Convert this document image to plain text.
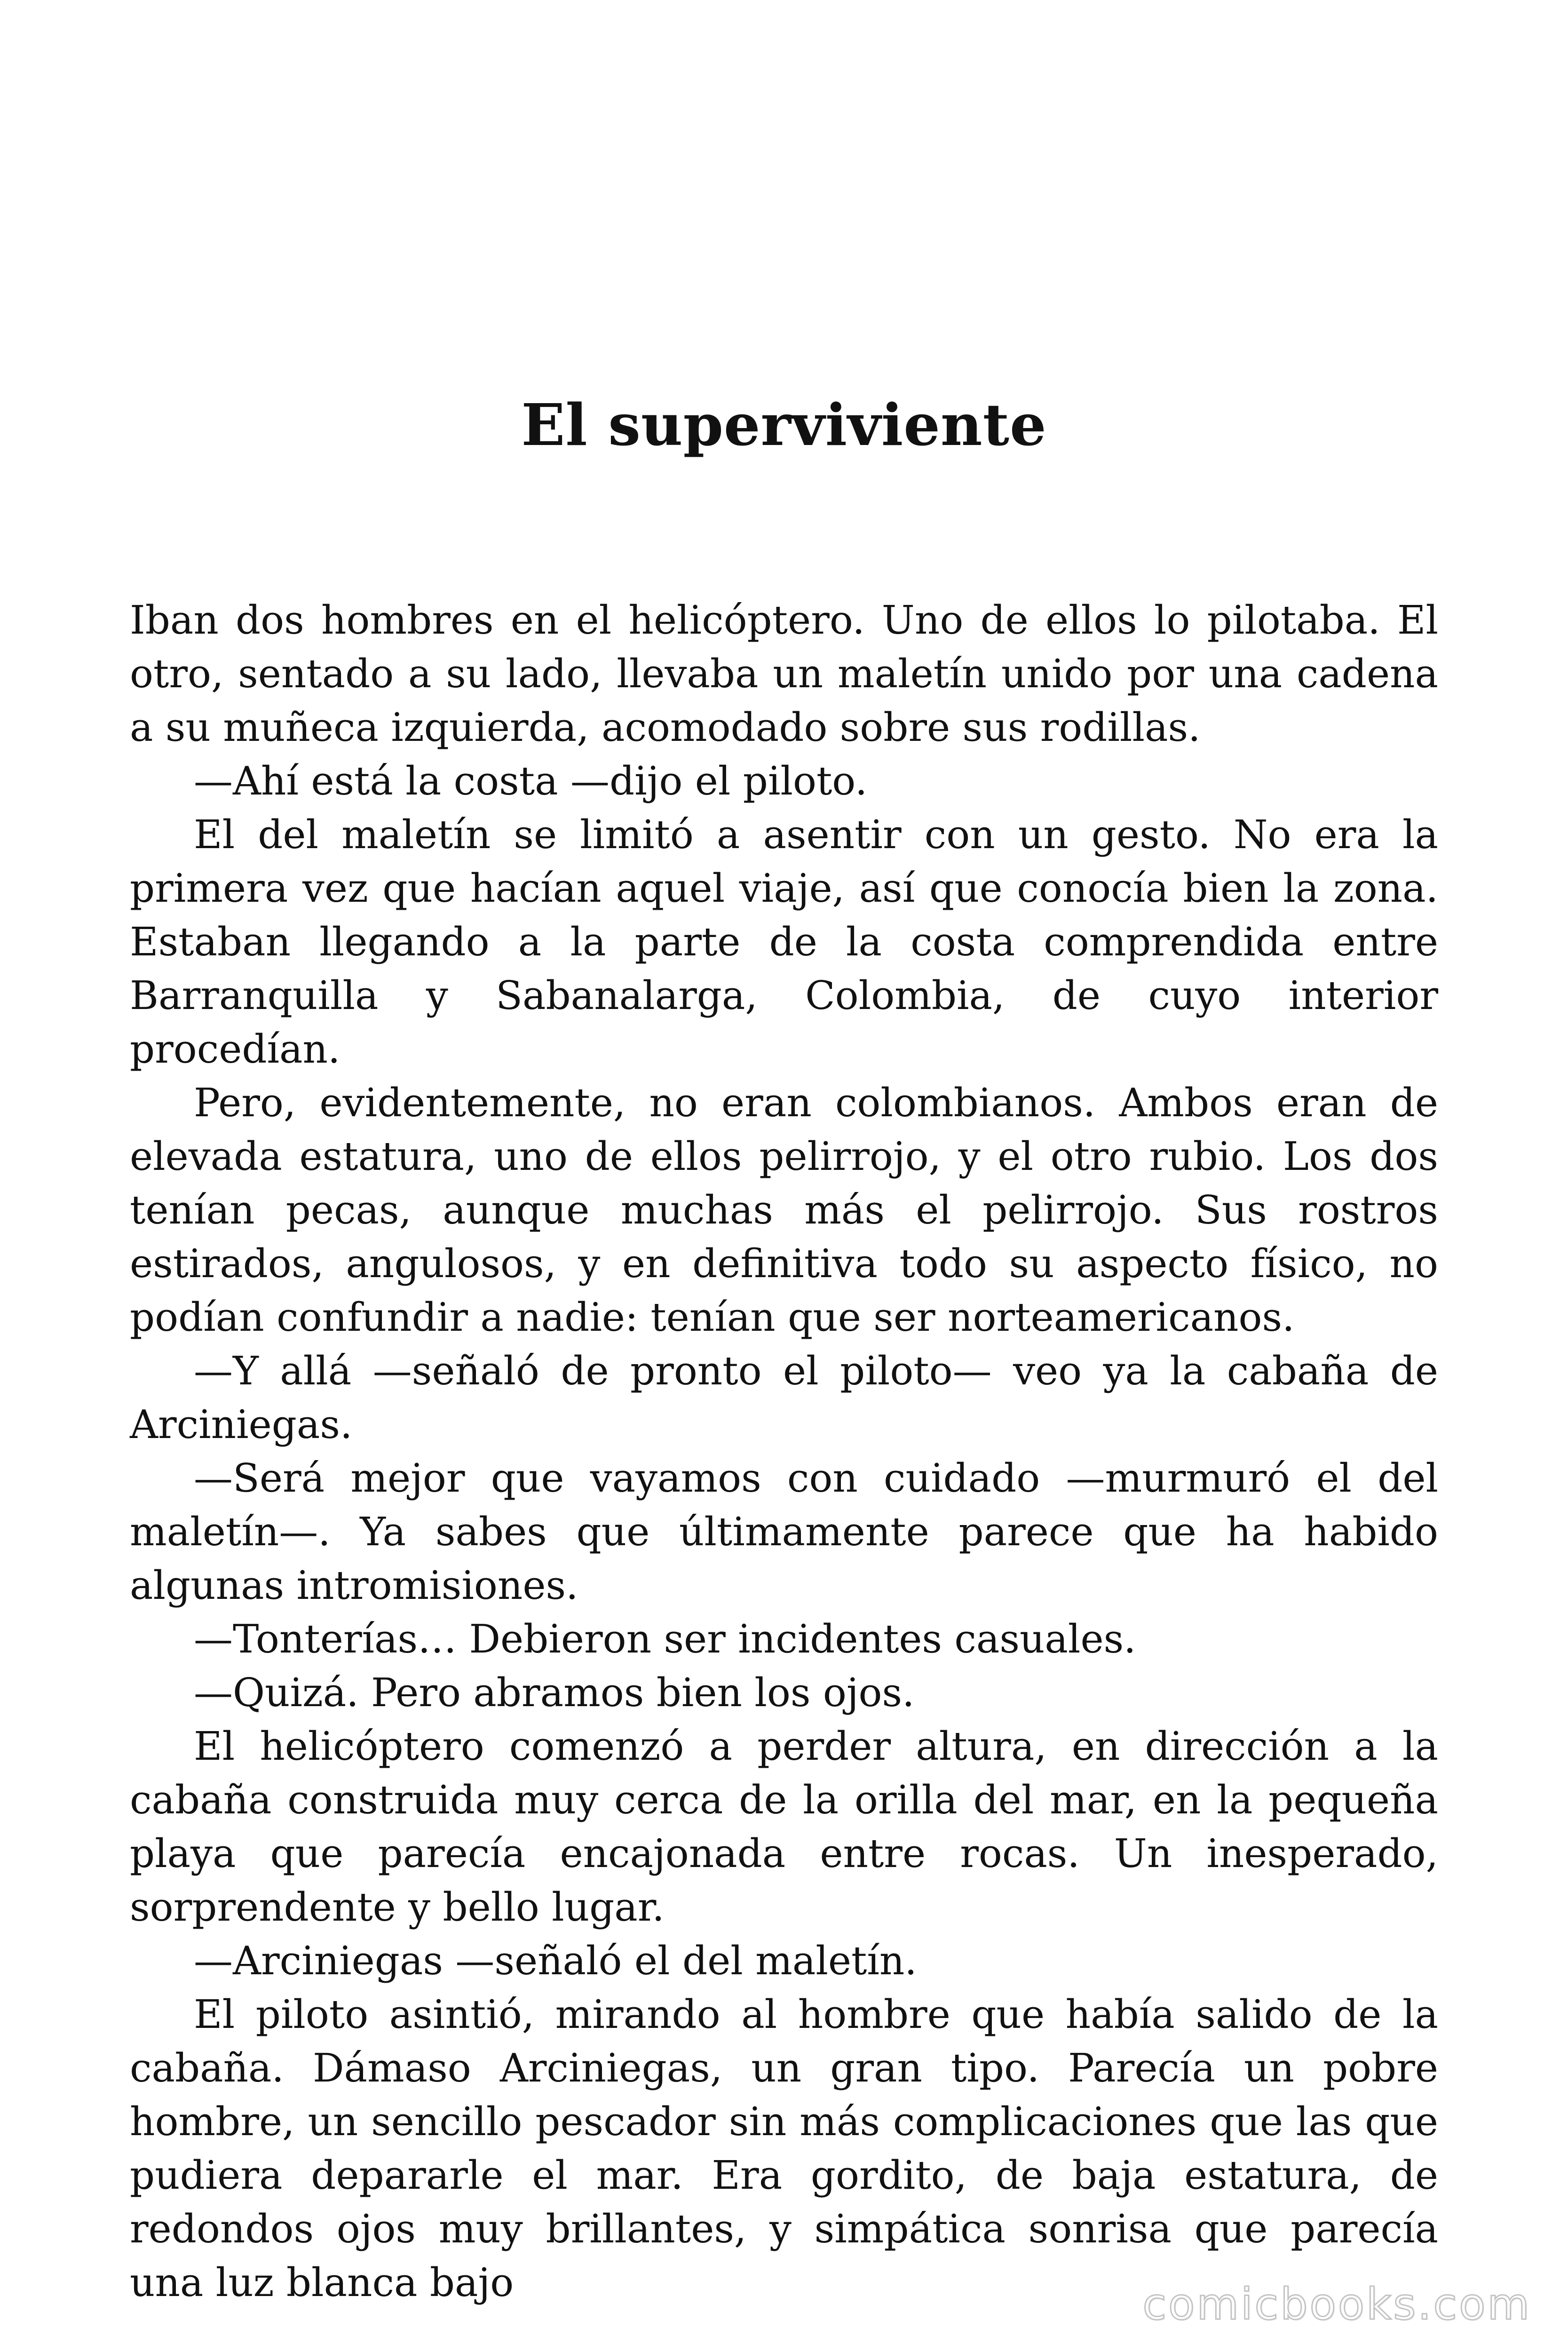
El superviviente

Iban dos hombres en el helicóptero. Uno de ellos lo pilotaba. El otro, sentado a su lado, llevaba un maletín unido por una cadena a su muñeca izquierda, acomodado sobre sus rodillas.

—Ahí está la costa —dijo el piloto.

El del maletín se limitó a asentir con un gesto. No era la primera vez que hacían aquel viaje, así que conocía bien la zona. Estaban llegando a la parte de la costa comprendida entre Barranquilla y Sabanalarga, Colombia, de cuyo interior procedían.

Pero, evidentemente, no eran colombianos. Ambos eran de elevada estatura, uno de ellos pelirrojo, y el otro rubio. Los dos tenían pecas, aunque muchas más el pelirrojo. Sus rostros estirados, angulosos, y en definitiva todo su aspecto físico, no podían confundir a nadie: tenían que ser norteamericanos.

—Y allá —señaló de pronto el piloto— veo ya la cabaña de Arciniegas.

—Será mejor que vayamos con cuidado —murmuró el del maletín—. Ya sabes que últimamente parece que ha habido algunas intromisiones.

—Tonterías… Debieron ser incidentes casuales.

—Quizá. Pero abramos bien los ojos.

El helicóptero comenzó a perder altura, en dirección a la cabaña construida muy cerca de la orilla del mar, en la pequeña playa que parecía encajonada entre rocas. Un inesperado, sorprendente y bello lugar.

—Arciniegas —señaló el del maletín.

El piloto asintió, mirando al hombre que había salido de la cabaña. Dámaso Arciniegas, un gran tipo. Parecía un pobre hombre, un sencillo pescador sin más complicaciones que las que pudiera depararle el mar. Era gordito, de baja estatura, de redondos ojos muy brillantes, y simpática sonrisa que parecía una luz blanca bajo	comicbooks.com
